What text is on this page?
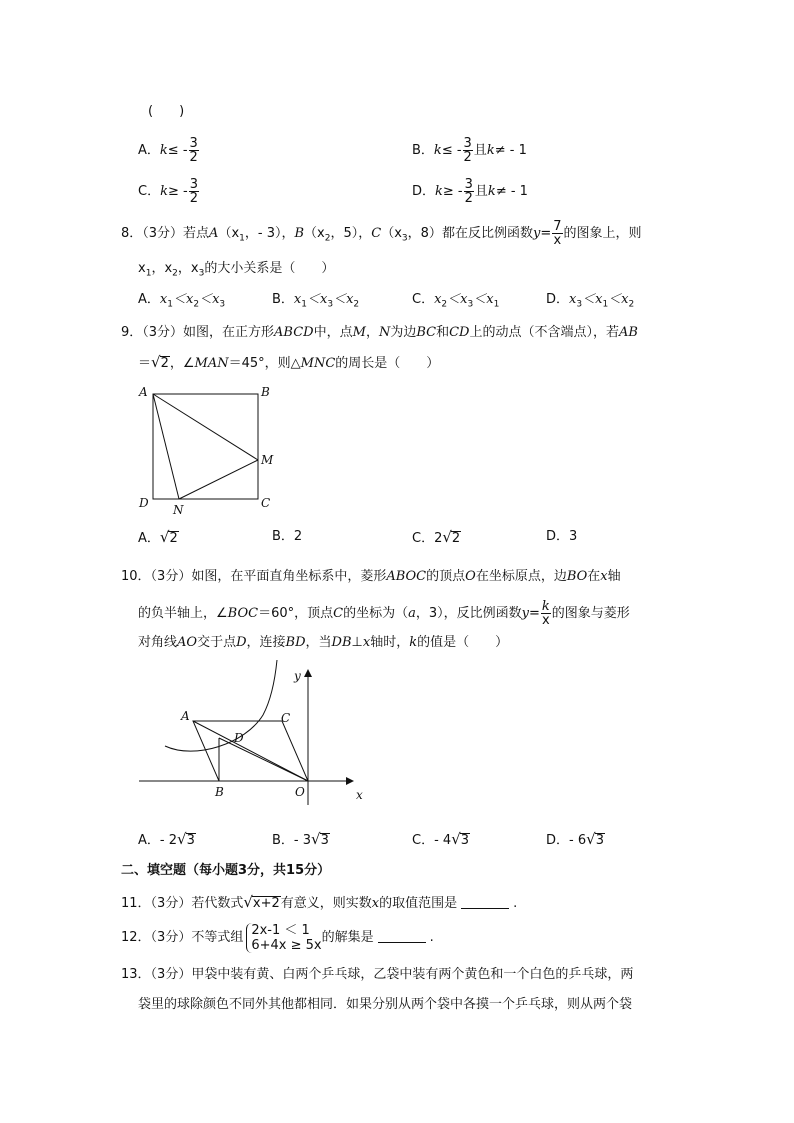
(　　)
A．$k\le - \frac{3}{2}$	B．$k\le - \frac{3}{2}$ 且k≠ - 1
C．$k\ge - \frac{3}{2}$	D．$k\ge - \frac{3}{2}$ 且k≠ - 1
8．（3分）若点$A(x_1$，- 3），$B(x_2$，5），$C(x_3$，8）都在反比例函数$y= \frac{7}{x}$ 的图象上，则
$x_1$，$x_2$，$x_3$的大小关系是（　　）
A．$x_1<x_2<x_3$	B．$x_1<x_3<x_2$	C．$x_2<x_3<x_1$	D．$x_3<x_1<x_2$
9．（3分）如图，在正方形ABCD中，点M，N为边BC和CD上的动点（不含端点），若AB
＝√2，∠MAN＝45°，则△MNC的周长是（　　）
A	B
C
D
M
N
A．√2	B．2	C．2√2	D．3
10．（3分）如图，在平面直角坐标系中，菱形ABOC的顶点O在坐标原点，边BO在x轴
的负半轴上，∠BOC＝60°，顶点C的坐标为（a，3），反比例函数$y= \frac{k}{x}$ 的图象与菱形
对角线AO交于点D，连接BD，当DB⊥x轴时，k的值是（　　）
A	C
D
B	O	x
y
A．- 2√3	B．- 3√3	C．- 4√3	D．- 6√3
二、填空题（每小题3分，共15分）
11．（3分）若代数式√x+2有意义，则实数x的取值范围是	.
12．（3分）不等式组 2x-1 ＜ 1
6+4x ≥ 5x 的解集是	.
13．（3分）甲袋中装有黄、白两个乒乓球，乙袋中装有两个黄色和一个白色的乒乓球，两
袋里的球除颜色不同外其他都相同．如果分别从两个袋中各摸一个乒乓球，则从两个袋
